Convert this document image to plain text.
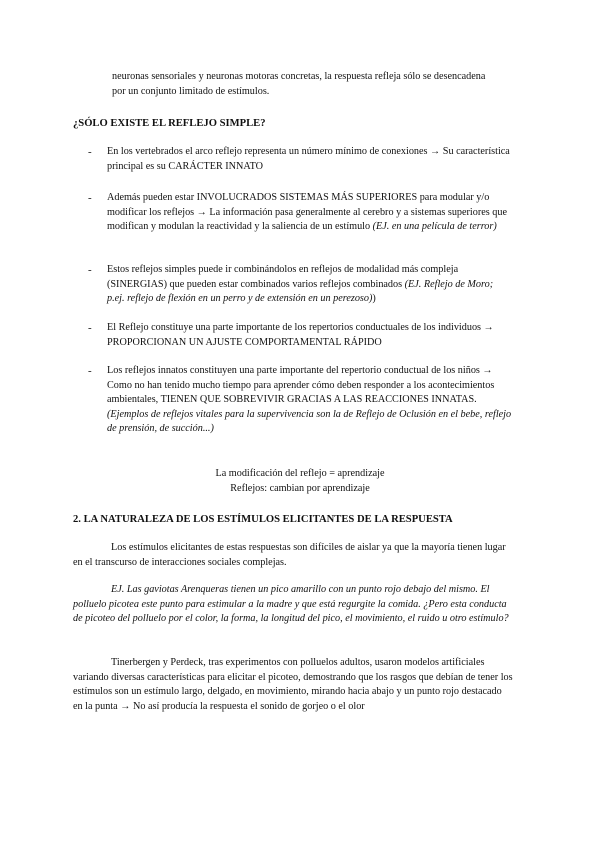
neuronas sensoriales y neuronas motoras concretas, la respuesta refleja sólo se desencadena
por un conjunto limitado de estímulos.

¿SÓLO EXISTE EL REFLEJO SIMPLE?

- En los vertebrados el arco reflejo representa un número mínimo de conexiones → Su característica principal es su CARÁCTER INNATO

- Además pueden estar INVOLUCRADOS SISTEMAS MÁS SUPERIORES para modular y/o modificar los reflejos → La información pasa generalmente al cerebro y a sistemas superiores que modifican y modulan la reactividad y la saliencia de un estímulo (EJ. en una película de terror)

- Estos reflejos simples puede ir combinándolos en reflejos de modalidad más compleja (SINERGIAS) que pueden estar combinados varios reflejos combinados (EJ. Reflejo de Moro; p.ej. reflejo de flexión en un perro y de extensión en un perezoso))

- El Reflejo constituye una parte importante de los repertorios conductuales de los individuos → PROPORCIONAN UN AJUSTE COMPORTAMENTAL RÁPIDO

- Los reflejos innatos constituyen una parte importante del repertorio conductual de los niños → Como no han tenido mucho tiempo para aprender cómo deben responder a los acontecimientos ambientales, TIENEN QUE SOBREVIVIR GRACIAS A LAS REACCIONES INNATAS. (Ejemplos de reflejos vitales para la supervivencia son la de Reflejo de Oclusión en el bebe, reflejo de prensión, de succión...)

La modificación del reflejo = aprendizaje
Reflejos: cambian por aprendizaje

2. LA NATURALEZA DE LOS ESTÍMULOS ELICITANTES DE LA RESPUESTA

Los estímulos elicitantes de estas respuestas son difíciles de aislar ya que la mayoría tienen lugar en el transcurso de interacciones sociales complejas.

EJ. Las gaviotas Arenqueras tienen un pico amarillo con un punto rojo debajo del mismo. El polluelo picotea este punto para estimular a la madre y que está regurgite la comida. ¿Pero esta conducta de picoteo del polluelo por el color, la forma, la longitud del pico, el movimiento, el ruido u otro estímulo?

Tinerbergen y Perdeck, tras experimentos con polluelos adultos, usaron modelos artificiales variando diversas características para elicitar el picoteo, demostrando que los rasgos que debían de tener los estímulos son un estímulo largo, delgado, en movimiento, mirando hacia abajo y un punto rojo destacado en la punta → No así producía la respuesta el sonido de gorjeo o el olor
